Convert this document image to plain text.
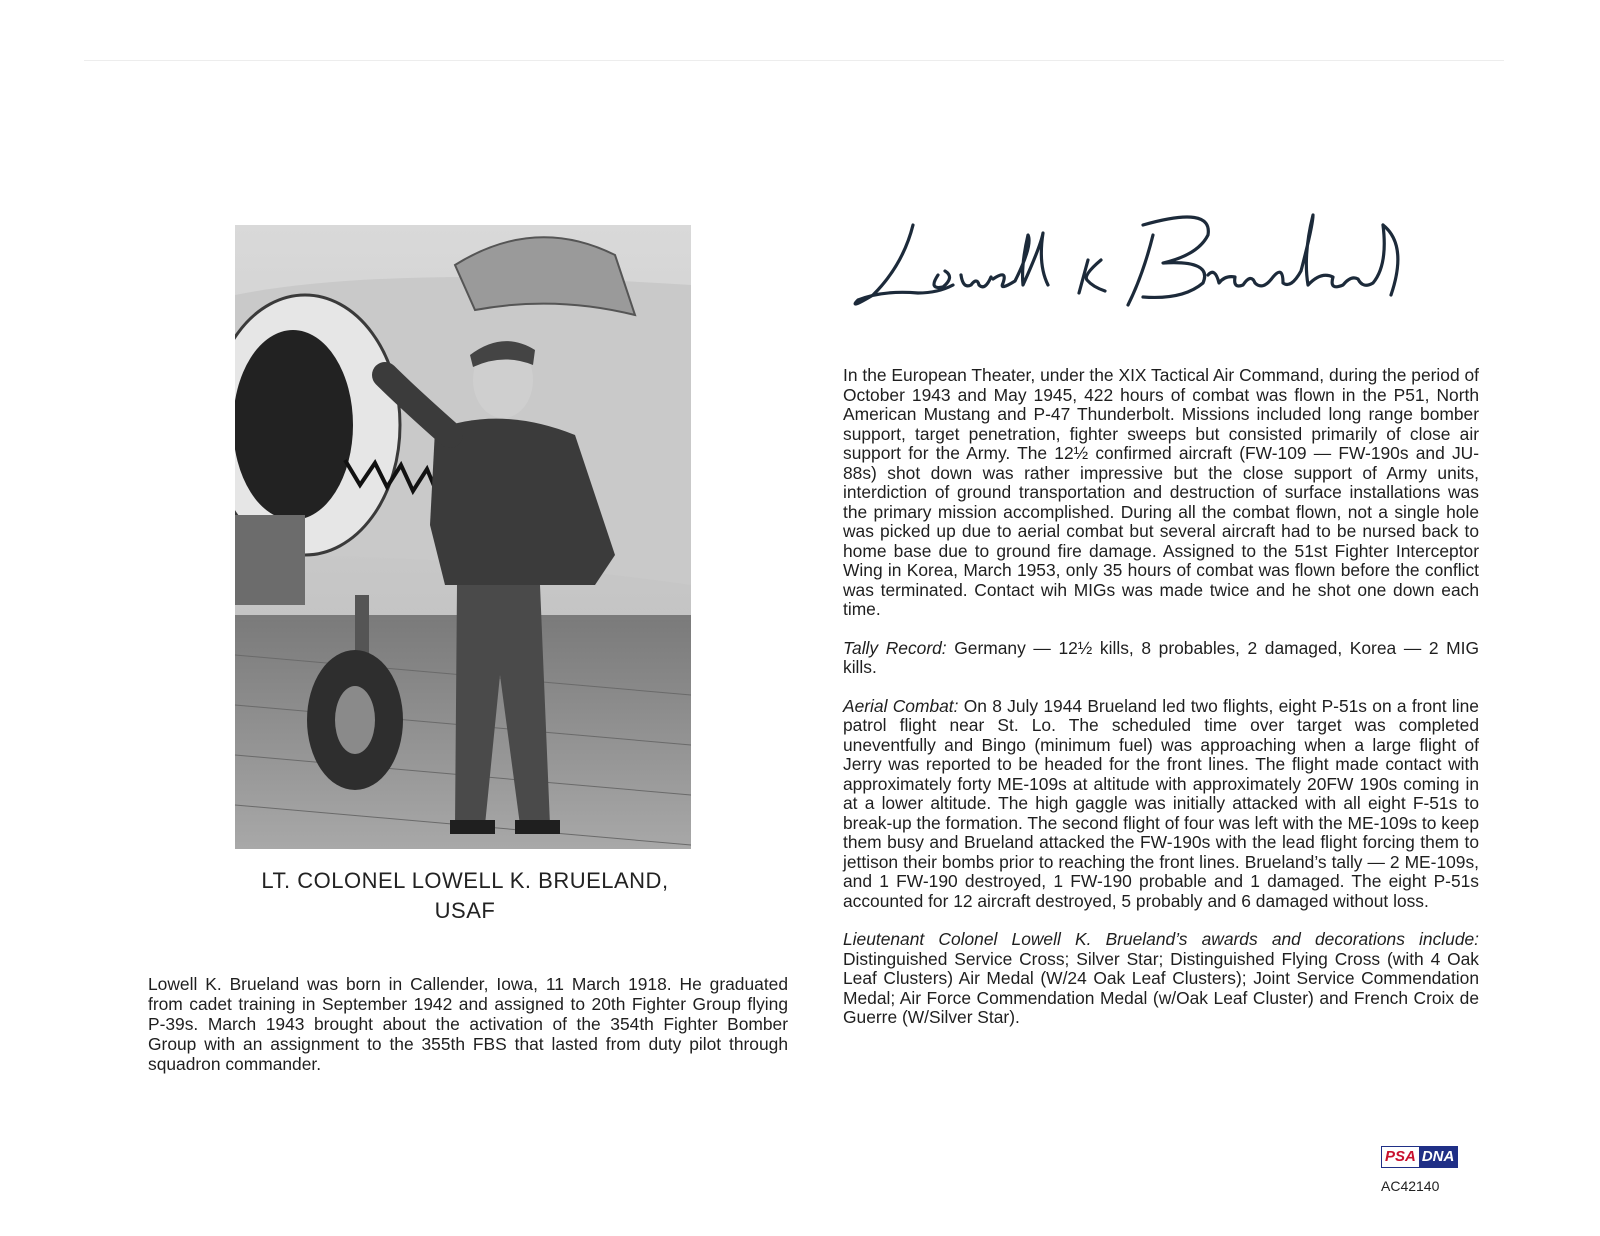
LT. COLONEL LOWELL K. BRUELAND,
USAF
Lowell K. Brueland was born in Callender, Iowa, 11 March 1918. He graduated from cadet training in September 1942 and assigned to 20th Fighter Group flying P-39s. March 1943 brought about the activation of the 354th Fighter Bomber Group with an assignment to the 355th FBS that lasted from duty pilot through squadron commander.

In the European Theater, under the XIX Tactical Air Command, during the period of October 1943 and May 1945, 422 hours of combat was flown in the P51, North American Mustang and P-47 Thunderbolt. Missions included long range bomber support, target penetration, fighter sweeps but consisted primarily of close air support for the Army. The 12½ confirmed aircraft (FW-109 — FW-190s and JU-88s) shot down was rather impressive but the close support of Army units, interdiction of ground transportation and destruction of surface installations was the primary mission accomplished. During all the combat flown, not a single hole was picked up due to aerial combat but several aircraft had to be nursed back to home base due to ground fire damage. Assigned to the 51st Fighter Interceptor Wing in Korea, March 1953, only 35 hours of combat was flown before the conflict was terminated. Contact wih MIGs was made twice and he shot one down each time.

Tally Record: Germany — 12½ kills, 8 probables, 2 damaged, Korea — 2 MIG kills.

Aerial Combat: On 8 July 1944 Brueland led two flights, eight P-51s on a front line patrol flight near St. Lo. The scheduled time over target was completed uneventfully and Bingo (minimum fuel) was approaching when a large flight of Jerry was reported to be headed for the front lines. The flight made contact with approximately forty ME-109s at altitude with approximately 20FW 190s coming in at a lower altitude. The high gaggle was initially attacked with all eight F-51s to break-up the formation. The second flight of four was left with the ME-109s to keep them busy and Brueland attacked the FW-190s with the lead flight forcing them to jettison their bombs prior to reaching the front lines. Brueland’s tally — 2 ME-109s, and 1 FW-190 destroyed, 1 FW-190 probable and 1 damaged. The eight P-51s accounted for 12 aircraft destroyed, 5 probably and 6 damaged without loss.

Lieutenant Colonel Lowell K. Brueland’s awards and decorations include: Distinguished Service Cross; Silver Star; Distinguished Flying Cross (with 4 Oak Leaf Clusters) Air Medal (W/24 Oak Leaf Clusters); Joint Service Commendation Medal; Air Force Commendation Medal (w/Oak Leaf Cluster) and French Croix de Guerre (W/Silver Star).

PSA DNA
AC42140
